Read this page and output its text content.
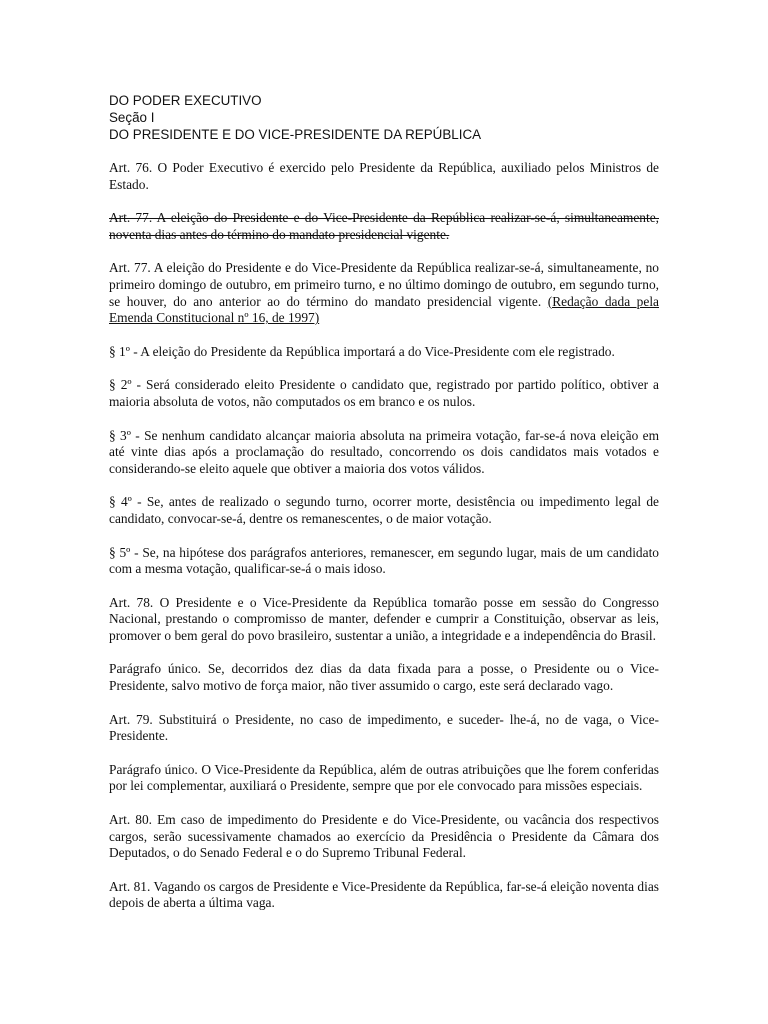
DO PODER EXECUTIVO
Seção I
DO PRESIDENTE E DO VICE-PRESIDENTE DA REPÚBLICA

Art. 76. O Poder Executivo é exercido pelo Presidente da República, auxiliado pelos Ministros de Estado.

Art. 77. A eleição do Presidente e do Vice-Presidente da República realizar-se-á, simultaneamente, noventa dias antes do término do mandato presidencial vigente.

Art. 77. A eleição do Presidente e do Vice-Presidente da República realizar-se-á, simultaneamente, no primeiro domingo de outubro, em primeiro turno, e no último domingo de outubro, em segundo turno, se houver, do ano anterior ao do término do mandato presidencial vigente. (Redação dada pela Emenda Constitucional nº 16, de 1997)

§ 1º - A eleição do Presidente da República importará a do Vice-Presidente com ele registrado.

§ 2º - Será considerado eleito Presidente o candidato que, registrado por partido político, obtiver a maioria absoluta de votos, não computados os em branco e os nulos.

§ 3º - Se nenhum candidato alcançar maioria absoluta na primeira votação, far-se-á nova eleição em até vinte dias após a proclamação do resultado, concorrendo os dois candidatos mais votados e considerando-se eleito aquele que obtiver a maioria dos votos válidos.

§ 4º - Se, antes de realizado o segundo turno, ocorrer morte, desistência ou impedimento legal de candidato, convocar-se-á, dentre os remanescentes, o de maior votação.

§ 5º - Se, na hipótese dos parágrafos anteriores, remanescer, em segundo lugar, mais de um candidato com a mesma votação, qualificar-se-á o mais idoso.

Art. 78. O Presidente e o Vice-Presidente da República tomarão posse em sessão do Congresso Nacional, prestando o compromisso de manter, defender e cumprir a Constituição, observar as leis, promover o bem geral do povo brasileiro, sustentar a união, a integridade e a independência do Brasil.

Parágrafo único. Se, decorridos dez dias da data fixada para a posse, o Presidente ou o Vice-Presidente, salvo motivo de força maior, não tiver assumido o cargo, este será declarado vago.

Art. 79. Substituirá o Presidente, no caso de impedimento, e suceder- lhe-á, no de vaga, o Vice-Presidente.

Parágrafo único. O Vice-Presidente da República, além de outras atribuições que lhe forem conferidas por lei complementar, auxiliará o Presidente, sempre que por ele convocado para missões especiais.

Art. 80. Em caso de impedimento do Presidente e do Vice-Presidente, ou vacância dos respectivos cargos, serão sucessivamente chamados ao exercício da Presidência o Presidente da Câmara dos Deputados, o do Senado Federal e o do Supremo Tribunal Federal.

Art. 81. Vagando os cargos de Presidente e Vice-Presidente da República, far-se-á eleição noventa dias depois de aberta a última vaga.
